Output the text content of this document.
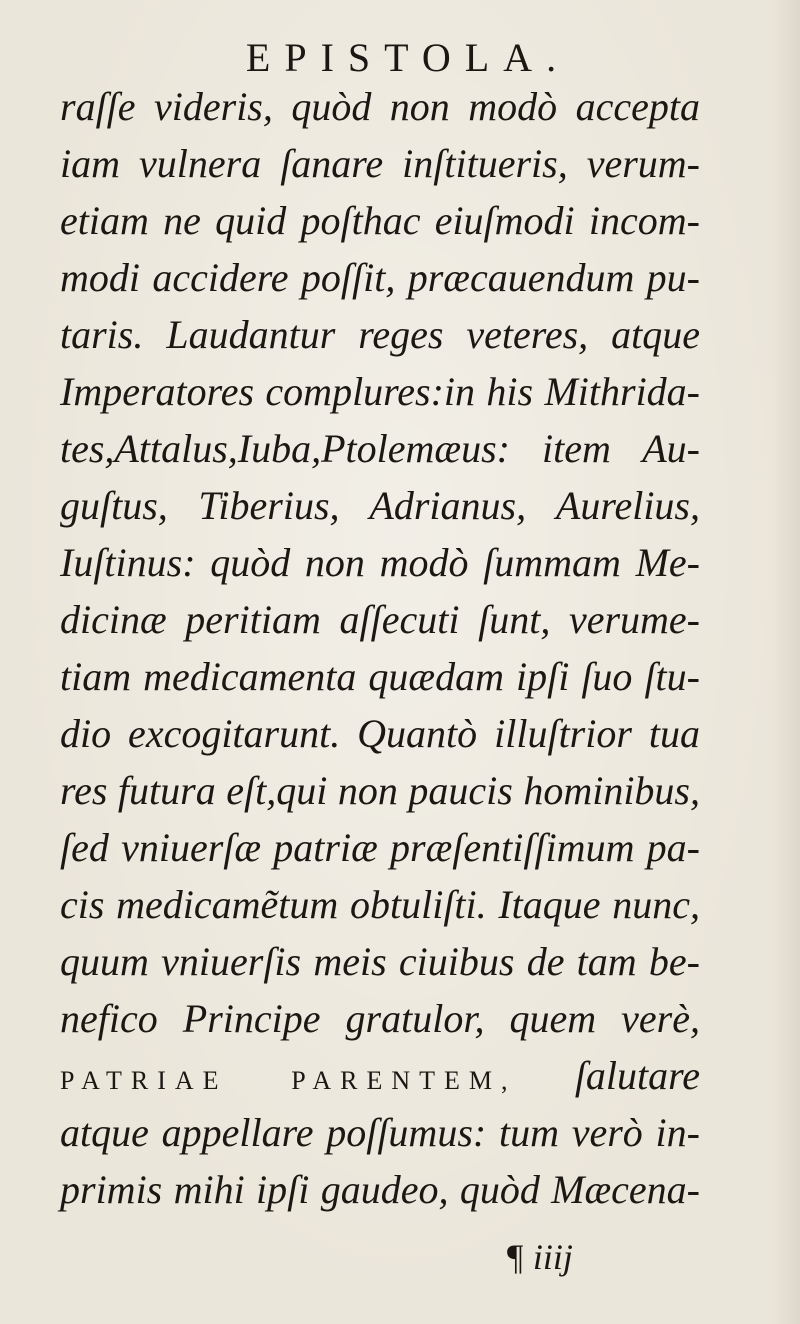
EPISTOLA.
raſſe videris, quòd non modò accepta
iam vulnera ſanare inſtitueris, verum-
etiam ne quid poſthac eiuſmodi incom-
modi accidere poſſit, præcauendum pu-
taris. Laudantur reges veteres, atque
Imperatores complures:in his Mithrida-
tes,Attalus,Iuba,Ptolemæus: item Au-
guſtus, Tiberius, Adrianus, Aurelius,
Iuſtinus: quòd non modò ſummam Me-
dicinæ peritiam aſſecuti ſunt, verume-
tiam medicamenta quædam ipſi ſuo ſtu-
dio excogitarunt. Quantò illuſtrior tua
res futura eſt,qui non paucis hominibus,
ſed vniuerſæ patriæ præſentiſſimum pa-
cis medicamẽtum obtuliſti. Itaque nunc,
quum vniuerſis meis ciuibus de tam be-
nefico Principe gratulor, quem verè,
PATRIAE PARENTEM, ſalutare
atque appellare poſſumus: tum verò in-
primis mihi ipſi gaudeo, quòd Mæcena-
¶ iiij
